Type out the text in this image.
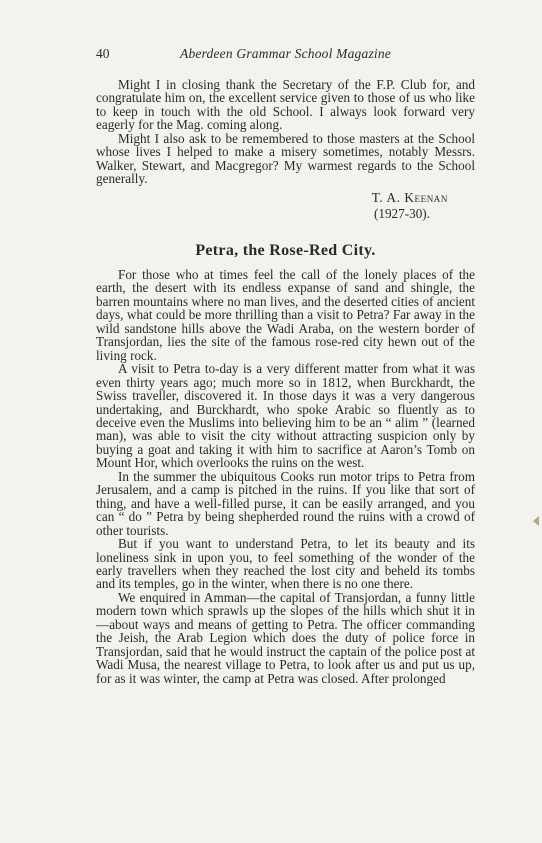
40	Aberdeen Grammar School Magazine

Might I in closing thank the Secretary of the F.P. Club for, and congratulate him on, the excellent service given to those of us who like to keep in touch with the old School. I always look forward very eagerly for the Mag. coming along.

Might I also ask to be remembered to those masters at the School whose lives I helped to make a misery sometimes, notably Messrs. Walker, Stewart, and Macgregor? My warmest regards to the School generally.

T. A. Keenan
(1927-30).
Petra, the Rose-Red City.

For those who at times feel the call of the lonely places of the earth, the desert with its endless expanse of sand and shingle, the barren mountains where no man lives, and the deserted cities of ancient days, what could be more thrilling than a visit to Petra? Far away in the wild sandstone hills above the Wadi Araba, on the western border of Transjordan, lies the site of the famous rose-red city hewn out of the living rock.

A visit to Petra to-day is a very different matter from what it was even thirty years ago; much more so in 1812, when Burckhardt, the Swiss traveller, discovered it. In those days it was a very dangerous undertaking, and Burckhardt, who spoke Arabic so fluently as to deceive even the Muslims into believing him to be an “ alim ” (learned man), was able to visit the city without attracting suspicion only by buying a goat and taking it with him to sacrifice at Aaron’s Tomb on Mount Hor, which overlooks the ruins on the west.

In the summer the ubiquitous Cooks run motor trips to Petra from Jerusalem, and a camp is pitched in the ruins. If you like that sort of thing, and have a well-filled purse, it can be easily arranged, and you can “ do ” Petra by being shepherded round the ruins with a crowd of other tourists.

But if you want to understand Petra, to let its beauty and its loneliness sink in upon you, to feel something of the wonder of the early travellers when they reached the lost city and beheld its tombs and its temples, go in the winter, when there is no one there.

We enquired in Amman—the capital of Transjordan, a funny little modern town which sprawls up the slopes of the hills which shut it in—about ways and means of getting to Petra. The officer commanding the Jeish, the Arab Legion which does the duty of police force in Transjordan, said that he would instruct the captain of the police post at Wadi Musa, the nearest village to Petra, to look after us and put us up, for as it was winter, the camp at Petra was closed. After prolonged
